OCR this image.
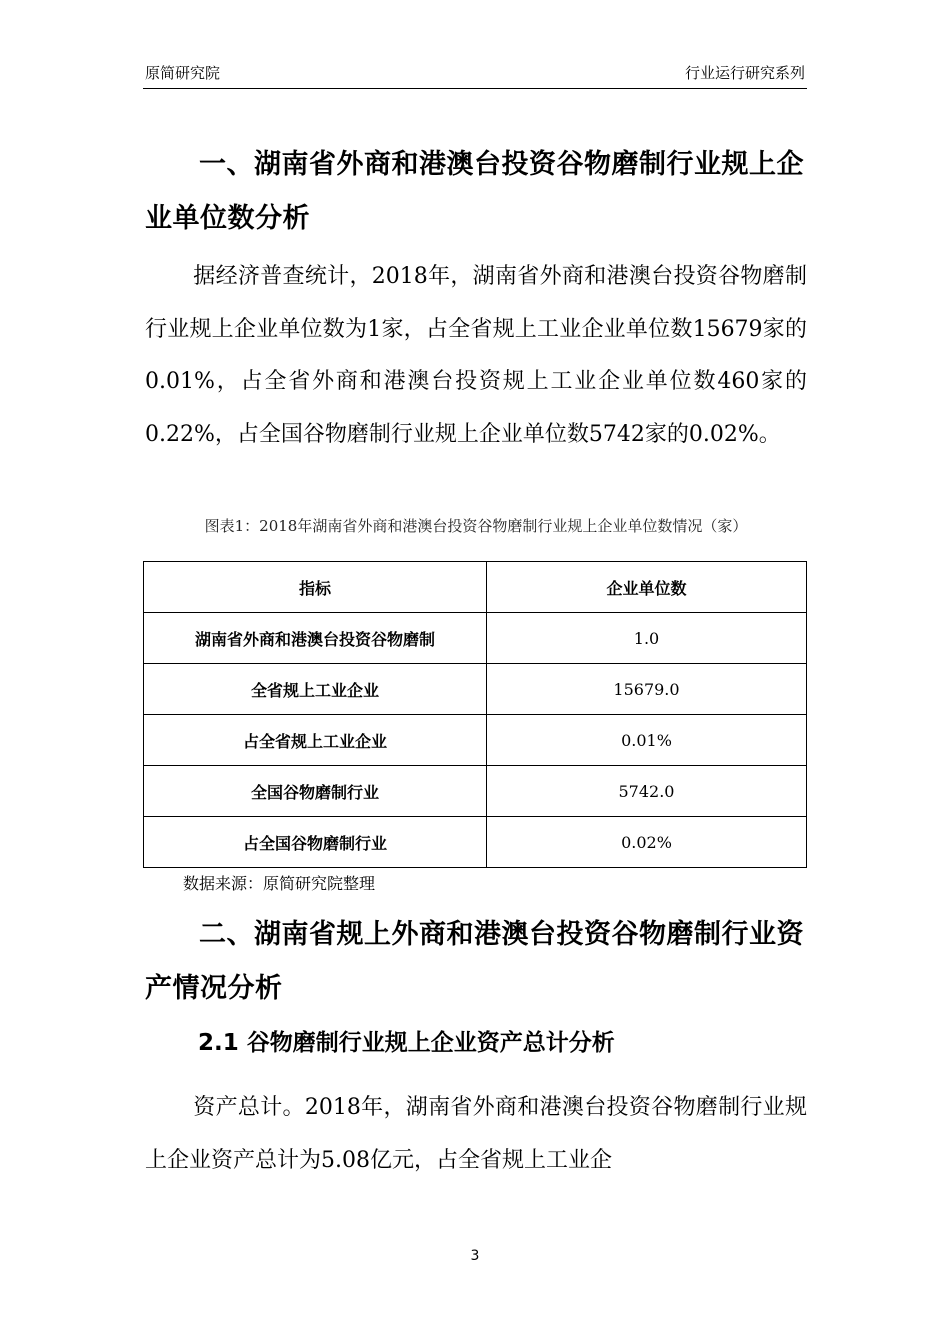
原简研究院	行业运行研究系列
一、湖南省外商和港澳台投资谷物磨制行业规上企业单位数分析
据经济普查统计，2018年，湖南省外商和港澳台投资谷物磨制行业规上企业单位数为1家，占全省规上工业企业单位数15679家的0.01%，占全省外商和港澳台投资规上工业企业单位数460家的0.22%，占全国谷物磨制行业规上企业单位数5742家的0.02%。
图表1：2018年湖南省外商和港澳台投资谷物磨制行业规上企业单位数情况（家）
指标	企业单位数
湖南省外商和港澳台投资谷物磨制	1.0
全省规上工业企业	15679.0
占全省规上工业企业	0.01%
全国谷物磨制行业	5742.0
占全国谷物磨制行业	0.02%
数据来源：原简研究院整理
二、湖南省规上外商和港澳台投资谷物磨制行业资产情况分析
2.1 谷物磨制行业规上企业资产总计分析
资产总计。2018年，湖南省外商和港澳台投资谷物磨制行业规上企业资产总计为5.08亿元，占全省规上工业企
3
